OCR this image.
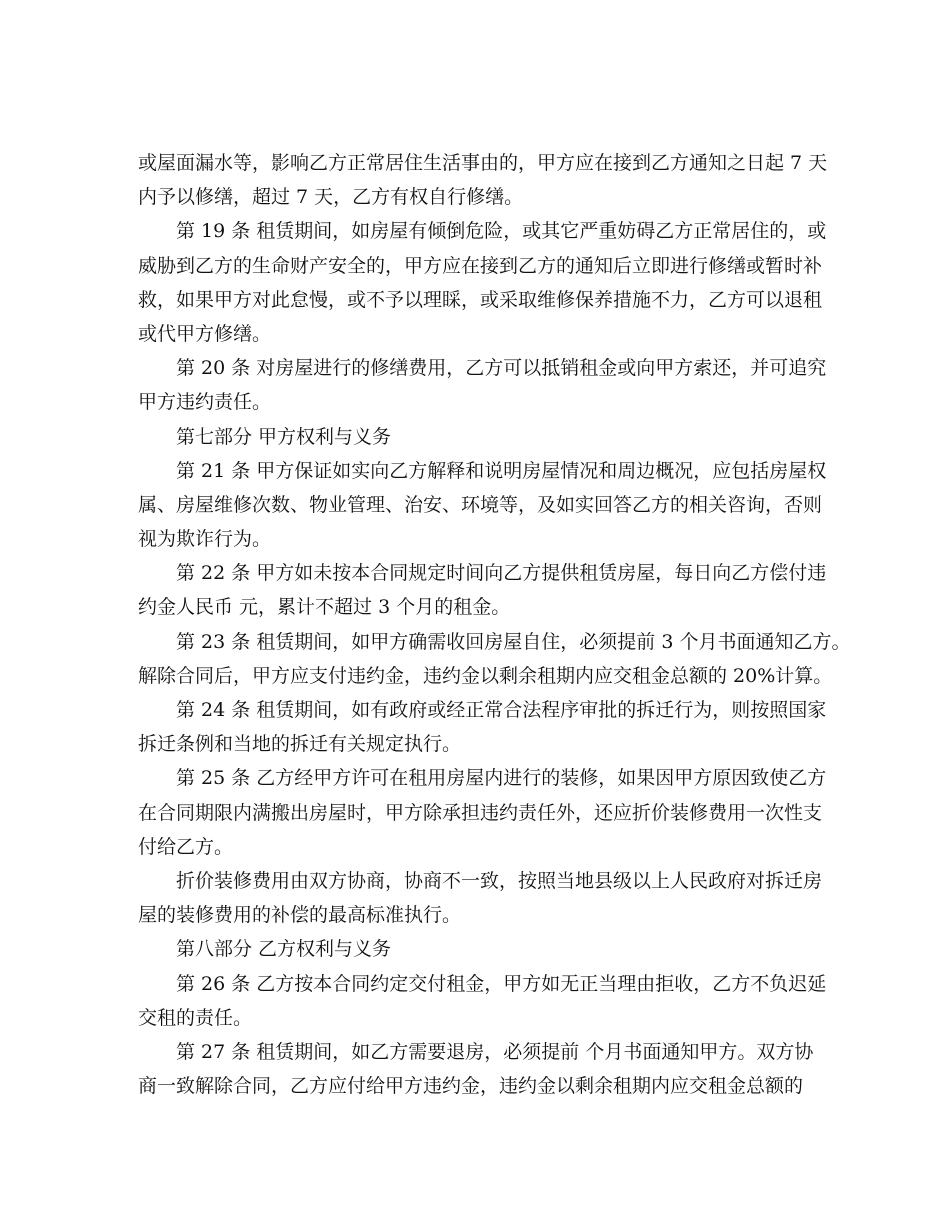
或屋面漏水等，影响乙方正常居住生活事由的，甲方应在接到乙方通知之日起 7 天
内予以修缮，超过 7 天，乙方有权自行修缮。
第 19 条 租赁期间，如房屋有倾倒危险，或其它严重妨碍乙方正常居住的，或
威胁到乙方的生命财产安全的，甲方应在接到乙方的通知后立即进行修缮或暂时补
救，如果甲方对此怠慢，或不予以理睬，或采取维修保养措施不力，乙方可以退租
或代甲方修缮。
第 20 条 对房屋进行的修缮费用，乙方可以抵销租金或向甲方索还，并可追究
甲方违约责任。
第七部分 甲方权利与义务
第 21 条 甲方保证如实向乙方解释和说明房屋情况和周边概况，应包括房屋权
属、房屋维修次数、物业管理、治安、环境等，及如实回答乙方的相关咨询，否则
视为欺诈行为。
第 22 条 甲方如未按本合同规定时间向乙方提供租赁房屋，每日向乙方偿付违
约金人民币 元，累计不超过 3 个月的租金。
第 23 条 租赁期间，如甲方确需收回房屋自住，必须提前 3 个月书面通知乙方。
解除合同后，甲方应支付违约金，违约金以剩余租期内应交租金总额的 20%计算。
第 24 条 租赁期间，如有政府或经正常合法程序审批的拆迁行为，则按照国家
拆迁条例和当地的拆迁有关规定执行。
第 25 条 乙方经甲方许可在租用房屋内进行的装修，如果因甲方原因致使乙方
在合同期限内满搬出房屋时，甲方除承担违约责任外，还应折价装修费用一次性支
付给乙方。
折价装修费用由双方协商，协商不一致，按照当地县级以上人民政府对拆迁房
屋的装修费用的补偿的最高标准执行。
第八部分 乙方权利与义务
第 26 条 乙方按本合同约定交付租金，甲方如无正当理由拒收，乙方不负迟延
交租的责任。
第 27 条 租赁期间，如乙方需要退房，必须提前 个月书面通知甲方。双方协
商一致解除合同，乙方应付给甲方违约金，违约金以剩余租期内应交租金总额的
